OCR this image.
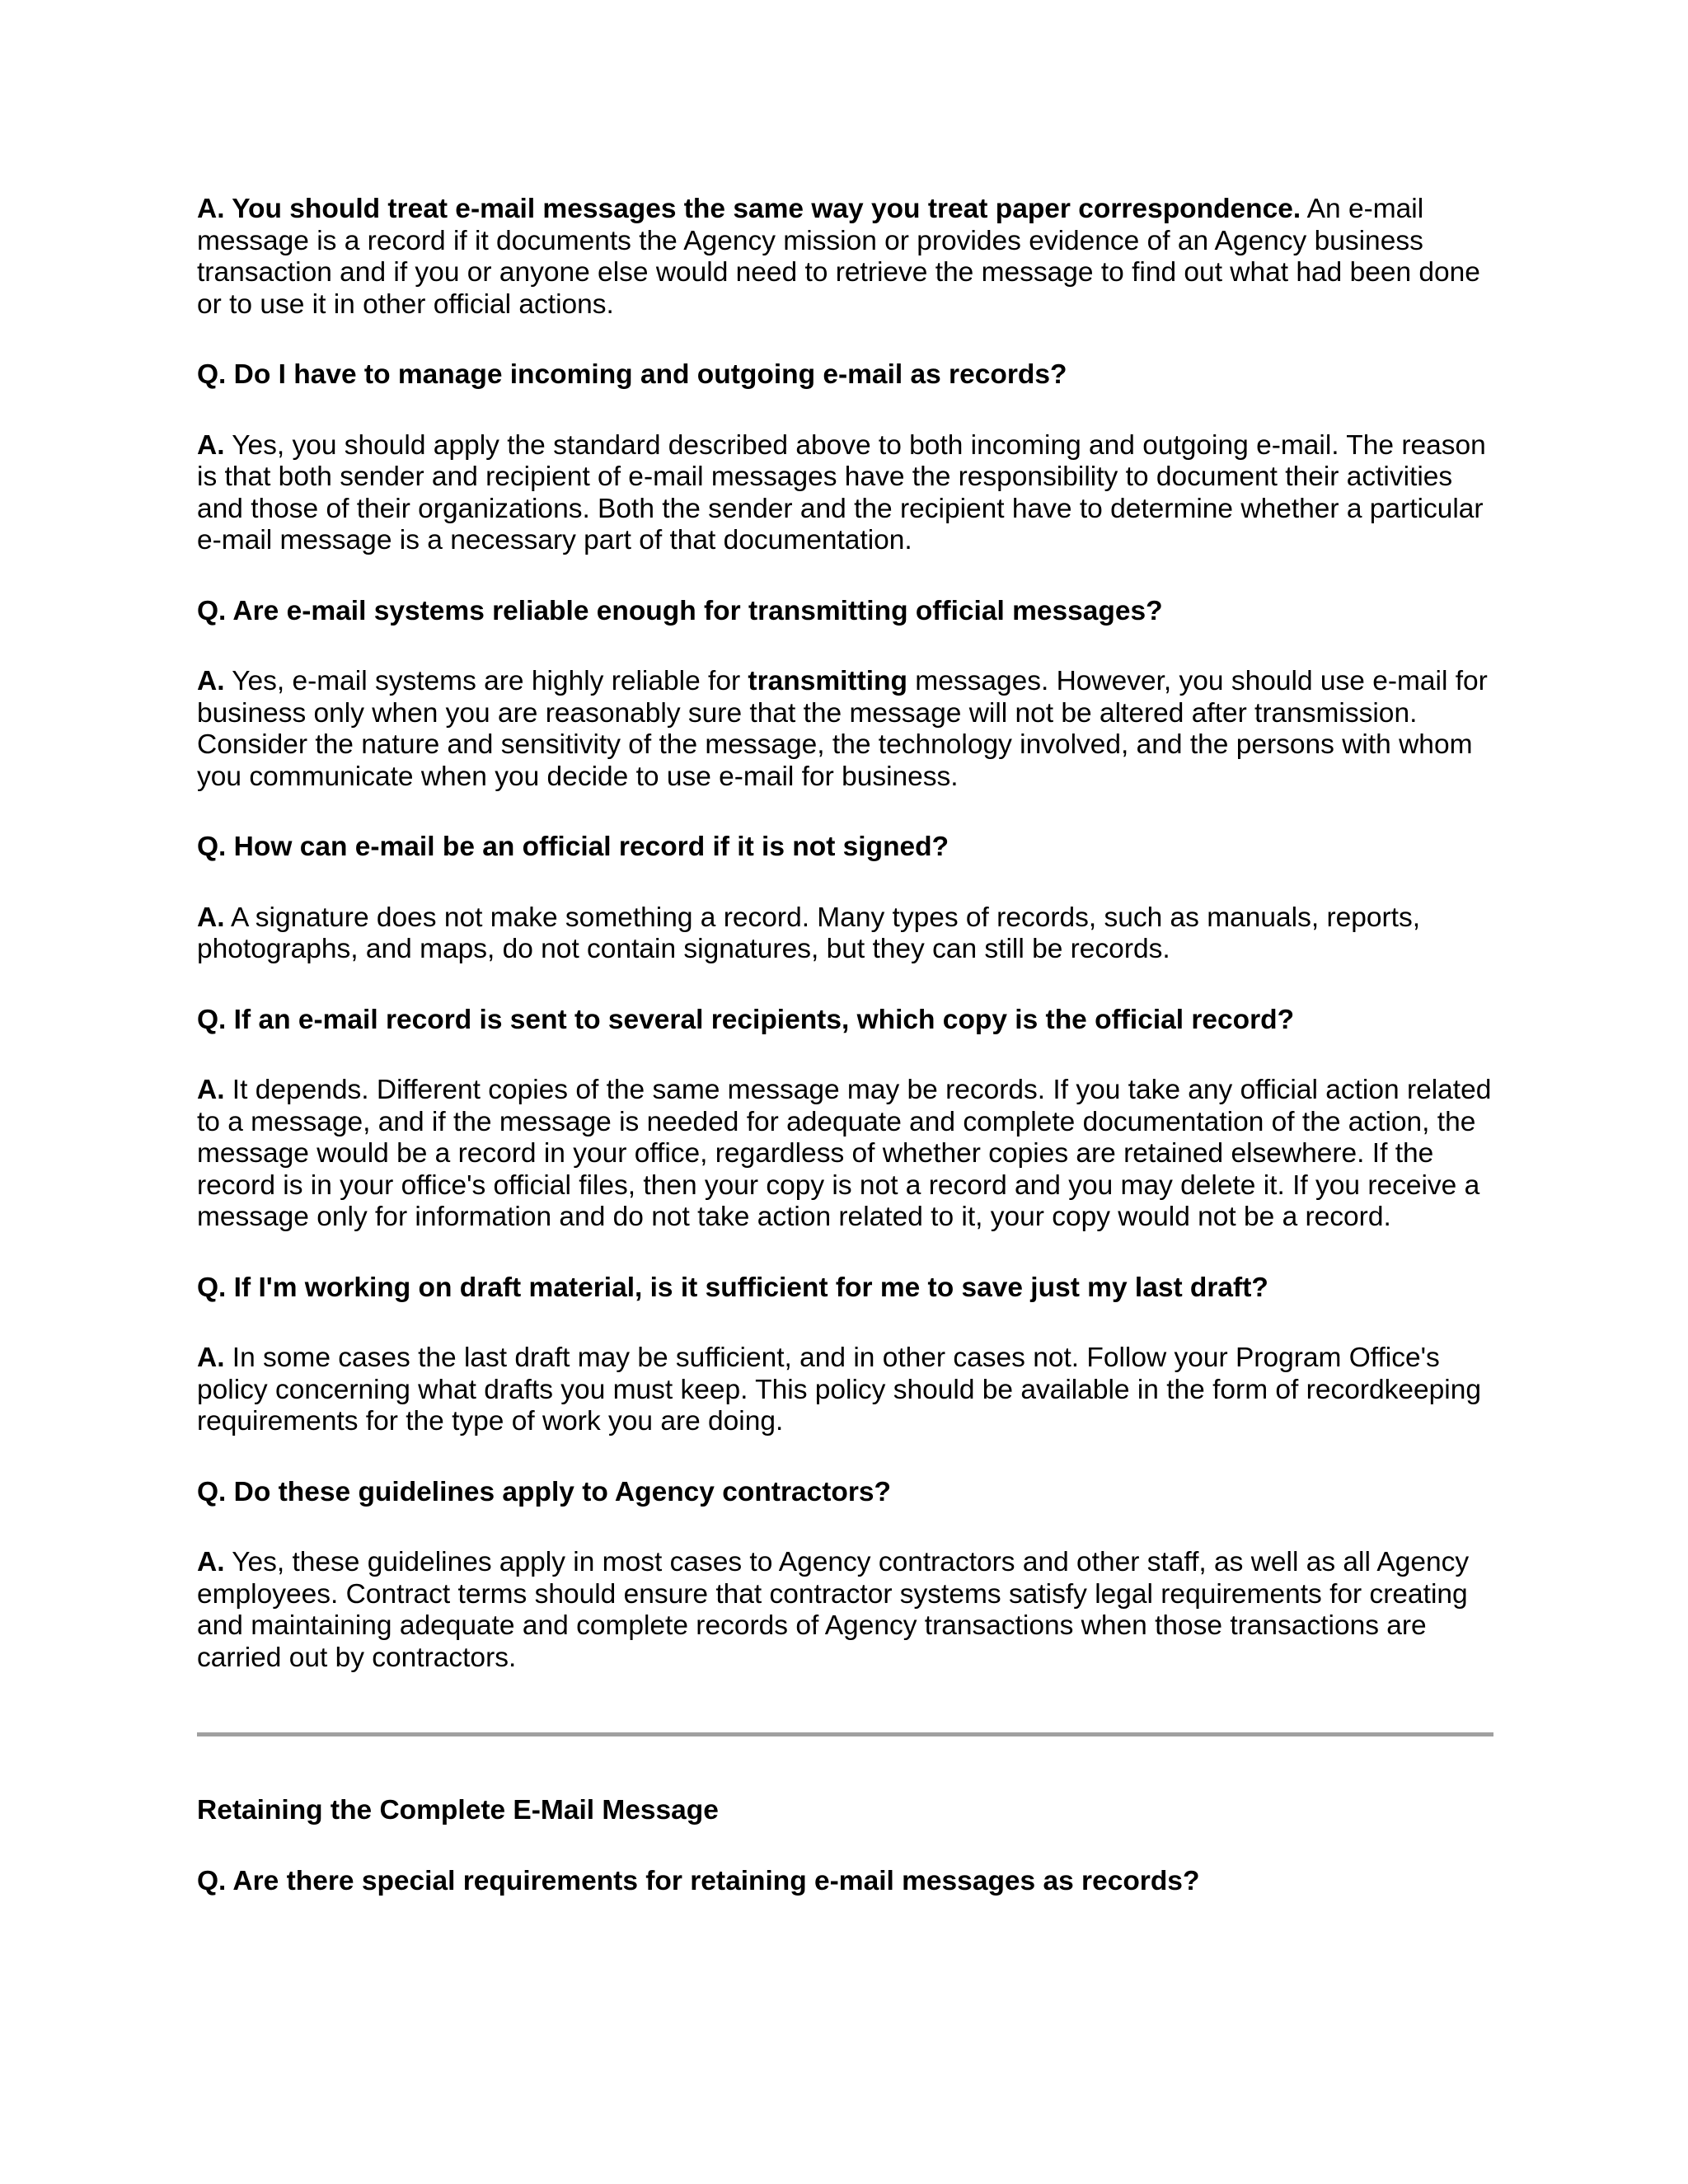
A. You should treat e-mail messages the same way you treat paper correspondence. An e-mail message is a record if it documents the Agency mission or provides evidence of an Agency business transaction and if you or anyone else would need to retrieve the message to find out what had been done or to use it in other official actions.

Q. Do I have to manage incoming and outgoing e-mail as records?

A. Yes, you should apply the standard described above to both incoming and outgoing e-mail. The reason is that both sender and recipient of e-mail messages have the responsibility to document their activities and those of their organizations. Both the sender and the recipient have to determine whether a particular e-mail message is a necessary part of that documentation.

Q. Are e-mail systems reliable enough for transmitting official messages?

A. Yes, e-mail systems are highly reliable for transmitting messages. However, you should use e-mail for business only when you are reasonably sure that the message will not be altered after transmission. Consider the nature and sensitivity of the message, the technology involved, and the persons with whom you communicate when you decide to use e-mail for business.

Q. How can e-mail be an official record if it is not signed?

A. A signature does not make something a record. Many types of records, such as manuals, reports, photographs, and maps, do not contain signatures, but they can still be records.

Q. If an e-mail record is sent to several recipients, which copy is the official record?

A. It depends. Different copies of the same message may be records. If you take any official action related to a message, and if the message is needed for adequate and complete documentation of the action, the message would be a record in your office, regardless of whether copies are retained elsewhere. If the record is in your office's official files, then your copy is not a record and you may delete it. If you receive a message only for information and do not take action related to it, your copy would not be a record.

Q. If I'm working on draft material, is it sufficient for me to save just my last draft?

A. In some cases the last draft may be sufficient, and in other cases not. Follow your Program Office's policy concerning what drafts you must keep. This policy should be available in the form of recordkeeping requirements for the type of work you are doing.

Q. Do these guidelines apply to Agency contractors?

A. Yes, these guidelines apply in most cases to Agency contractors and other staff, as well as all Agency employees. Contract terms should ensure that contractor systems satisfy legal requirements for creating and maintaining adequate and complete records of Agency transactions when those transactions are carried out by contractors.

Retaining the Complete E-Mail Message

Q. Are there special requirements for retaining e-mail messages as records?
